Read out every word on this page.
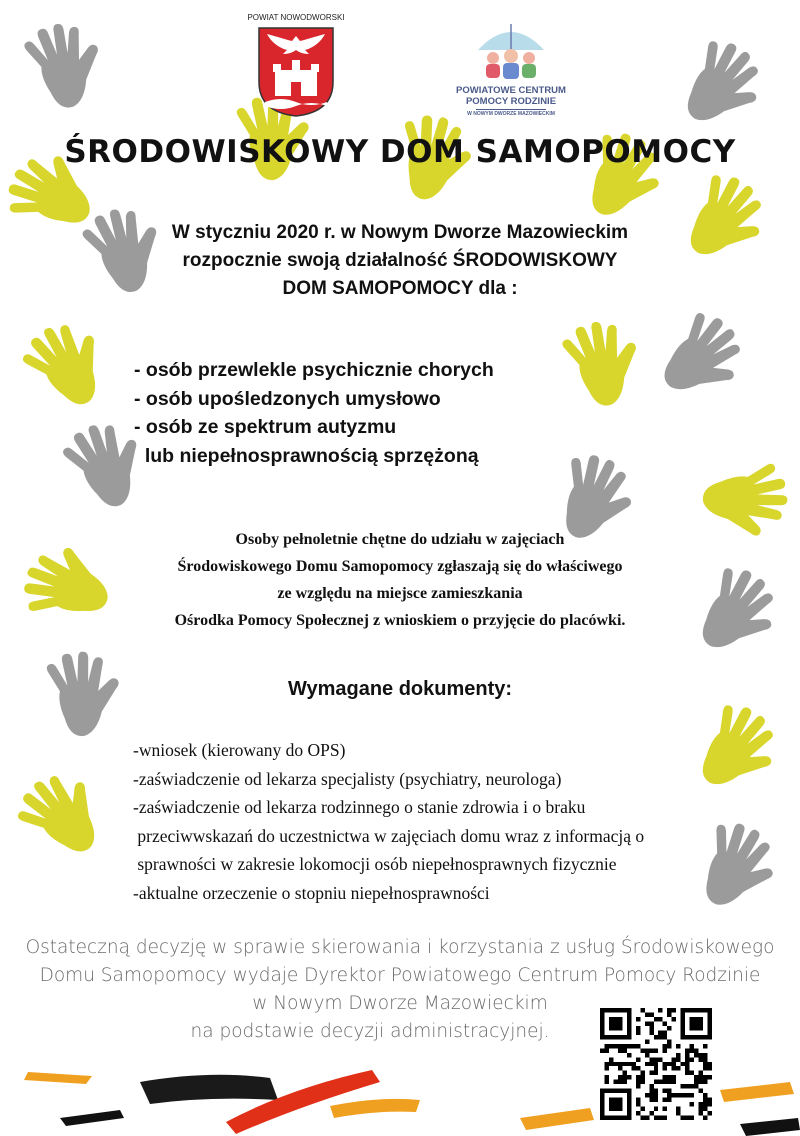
POWIAT NOWODWORSKI
POWIATOWE CENTRUM
POMOCY RODZINIE
W NOWYM DWORZE MAZOWIECKIM
ŚRODOWISKOWY DOM SAMOPOMOCY
W styczniu 2020 r. w Nowym Dworze Mazowieckim
rozpocznie swoją działalność ŚRODOWISKOWY
DOM SAMOPOMOCY dla :
- osób przewlekle psychicznie chorych
- osób upośledzonych umysłowo
- osób ze spektrum autyzmu
lub niepełnosprawnością sprzężoną
Osoby pełnoletnie chętne do udziału w zajęciach
Środowiskowego Domu Samopomocy zgłaszają się do właściwego
ze względu na miejsce zamieszkania
Ośrodka Pomocy Społecznej z wnioskiem o przyjęcie do placówki.
Wymagane dokumenty:
-wniosek (kierowany do OPS)
-zaświadczenie od lekarza specjalisty (psychiatry, neurologa)
-zaświadczenie od lekarza rodzinnego o stanie zdrowia i o braku
przeciwwskazań do uczestnictwa w zajęciach domu wraz z informacją o
sprawności w zakresie lokomocji osób niepełnosprawnych fizycznie
-aktualne orzeczenie o stopniu niepełnosprawności
Ostateczną decyzję w sprawie skierowania i korzystania z usług Środowiskowego
Domu Samopomocy wydaje Dyrektor Powiatowego Centrum Pomocy Rodzinie
w Nowym Dworze Mazowieckim
na podstawie decyzji administracyjnej.
